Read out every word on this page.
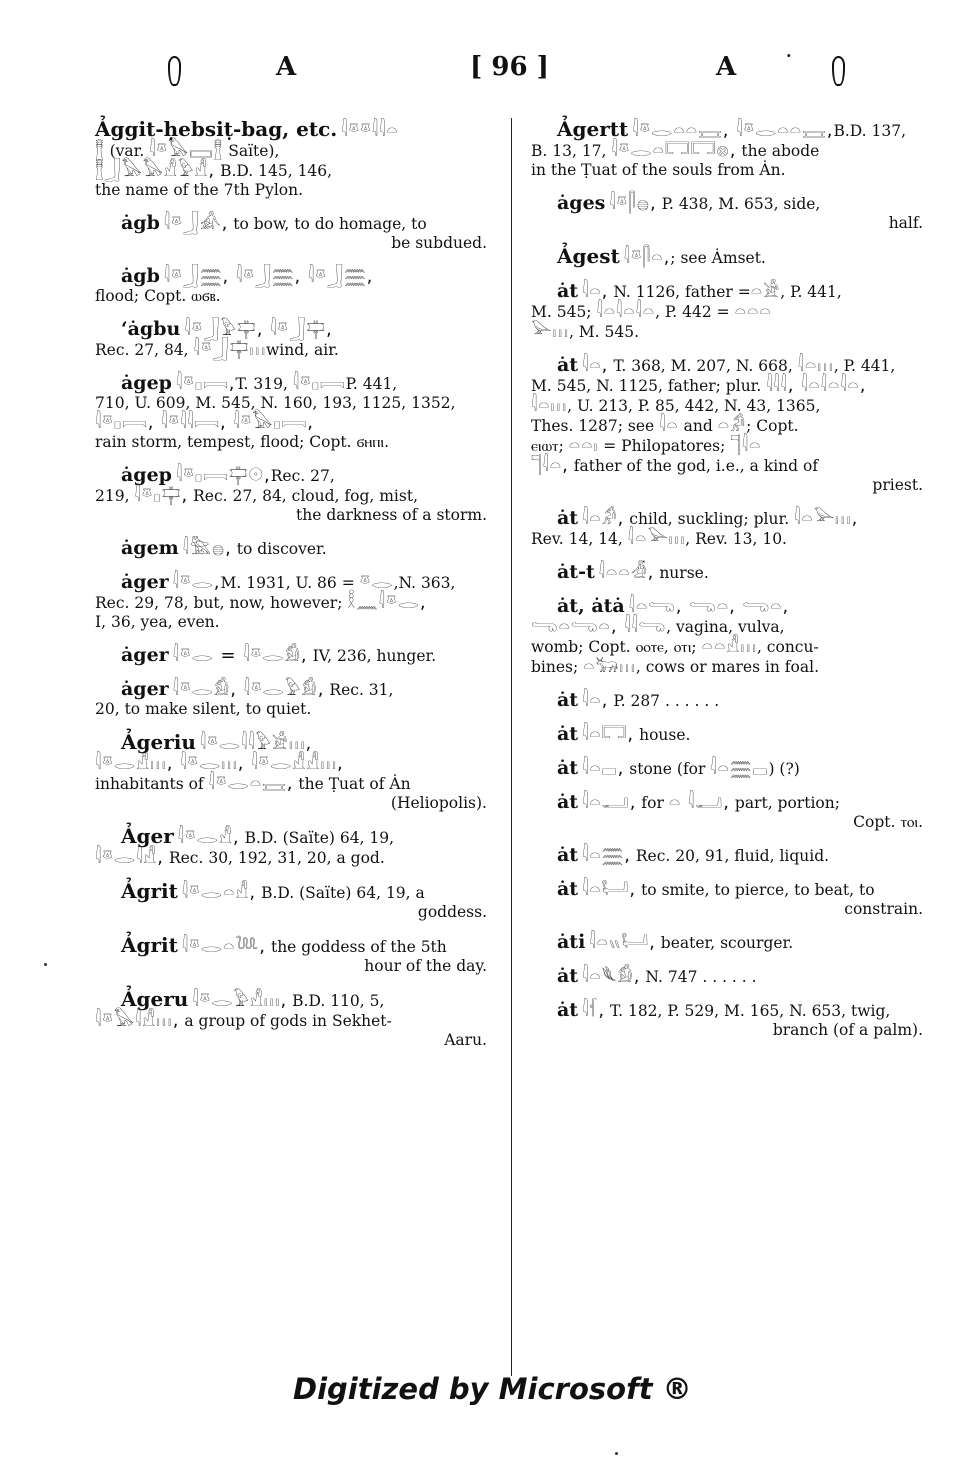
A	[ 96 ]	A	·

Ảggit-ḥebsiṭ-bag, etc. 𓇋𓎼𓎼𓇋𓇋𓏏

𓊽 (var. 𓇋𓎼𓅃𓈙𓊽 Saïte),

𓊽𓃀𓅃𓅃𓀭𓅱𓀭, B.D. 145, 146,

the name of the 7th Pylon.

ȧgb 𓇋𓎼𓃀𓀉, to bow, to do homage, to

be subdued.

ȧgb 𓇋𓎼𓃀𓈗, 𓇋𓎼𓃀𓈗, 𓇋𓎼𓃀𓈗,

flood; Copt. ⲱϭⲃ.

ʻȧgbu 𓇋𓎼𓃀𓅱𓊡, 𓇋𓎼𓃀𓊡,

Rec. 27, 84, 𓇋𓎼𓃀𓊡𓏥wind, air.

ȧgep 𓇋𓎼𓊪𓇯,T. 319, 𓇋𓎼𓊪𓇯P. 441,

710, U. 609, M. 545, N. 160, 193, 1125, 1352,

𓇋𓎼𓊪𓇯, 𓇋𓎼𓇋𓇋𓇯, 𓇋𓎼𓅃𓊪𓇯,

rain storm, tempest, flood; Copt. ϭⲏⲡⲓ.

ȧgep 𓇋𓎼𓊪𓇯𓊡𓇳,Rec. 27,

219, 𓇋𓎼𓊪𓊡, Rec. 27, 84, cloud, fog, mist,

the darkness of a storm.

ȧgem 𓇋𓅗𓐍, to discover.

ȧger 𓇋𓎼𓂋,M. 1931, U. 86 = 𓎼𓂋,N. 363,

Rec. 29, 78, but, now, however; 𓎛𓈖𓇋𓎼𓂋,

I, 36, yea, even.

ȧger 𓇋𓎼𓂋 = 𓇋𓎼𓂋𓀁, IV, 236, hunger.

ȧger 𓇋𓎼𓂋𓀁, 𓇋𓎼𓂋𓅱𓀁, Rec. 31,

20, to make silent, to quiet.

Ảgeriu 𓇋𓎼𓂋𓇋𓇋𓅱𓀀𓏥,

𓇋𓎼𓂋𓀭𓏥, 𓇋𓎼𓂋𓏥, 𓇋𓎼𓂋𓀭𓀭𓏥,

inhabitants of 𓇋𓎼𓂋𓏏𓈘, the Ṭuat of Ȧn

(Heliopolis).

Ảger 𓇋𓎼𓂋𓀭, B.D. (Saïte) 64, 19,

𓇋𓎼𓂋𓇋𓀭, Rec. 30, 192, 31, 20, a god.

Ảgrit 𓇋𓎼𓂋𓏏𓀭, B.D. (Saïte) 64, 19, a

goddess.

Ảgrit 𓇋𓎼𓂋𓏏𓆙, the goddess of the 5th

hour of the day.

Ảgeru 𓇋𓎼𓂋𓅱𓀭𓏥, B.D. 110, 5,

𓇋𓎼𓅃𓇋𓀭𓏥, a group of gods in Sekhet-

Aaru.

Ảgertt 𓇋𓎼𓂋𓏏𓏏𓈘, 𓇋𓎼𓂋𓏏𓏏𓈘,B.D. 137,

B. 13, 17, 𓇋𓎼𓂋𓏏𓉐𓉐𓊖, the abode

in the Ṭuat of the souls from Ȧn.

ȧges 𓇋𓎼𓋴𓐍, P. 438, M. 653, side,

half.

Ảgest 𓇋𓎼𓋴𓏏,; see Ȧmset.

ȧt 𓇋𓏏, N. 1126, father =𓏏𓀀, P. 441,

M. 545; 𓇋𓏏𓇋𓏏𓇋𓏏, P. 442 = 𓏏𓏏𓏏

𓅪𓏥, M. 545.

ȧt 𓇋𓏏, T. 368, M. 207, N. 668, 𓇋𓏏𓏥, P. 441,

M. 545, N. 1125, father; plur. 𓇋𓇋𓇋, 𓇋𓏏𓇋𓏏𓇋𓏏,

𓇋𓏏𓏥, U. 213, P. 85, 442, N. 43, 1365,

Thes. 1287; see 𓇋𓏏 and 𓏏𓀔; Copt.

ⲉⲓⲱⲧ; 𓏏𓏏𓏤 = Philopatores; 𓊹𓇋𓏏

𓊹𓇋𓏏, father of the god, i.e., a kind of

priest.

ȧt 𓇋𓏏𓀔, child, suckling; plur. 𓇋𓏏𓅪𓏥,

Rev. 14, 14, 𓇋𓏏𓅪𓏥, Rev. 13, 10.

ȧt-t 𓇋𓏏𓏏𓁑, nurse.

ȧt, ȧtȧ 𓇋𓏏𓂸, 𓂸𓏏, 𓂸𓏏,

𓂸𓏏𓂸𓏏, 𓇋𓇋𓂸, vagina, vulva,

womb; Copt. ⲟⲟⲧⲉ, ⲟⲧⲓ; 𓏏𓏏𓀭𓏥, concu-

bines; 𓏏𓃒𓏥, cows or mares in foal.

ȧt 𓇋𓏏, P. 287 . . . . . .

ȧt 𓇋𓏏𓉐, house.

ȧt 𓇋𓏏𓊌, stone (for 𓇋𓏏𓈗𓊌) (?)

ȧt 𓇋𓏏𓂝, for 𓏏 𓇋𓂝, part, portion;

Copt. ⲧⲟⲓ.

ȧt 𓇋𓏏𓈗, Rec. 20, 91, fluid, liquid.

ȧt 𓇋𓏏𓂡, to smite, to pierce, to beat, to

constrain.

ȧti 𓇋𓏏𓏭𓂡, beater, scourger.

ȧt 𓇋𓏏𓆰𓀁, N. 747 . . . . . .

ȧt 𓇋𓆳, T. 182, P. 529, M. 165, N. 653, twig,

branch (of a palm).

Digitized by Microsoft ®
